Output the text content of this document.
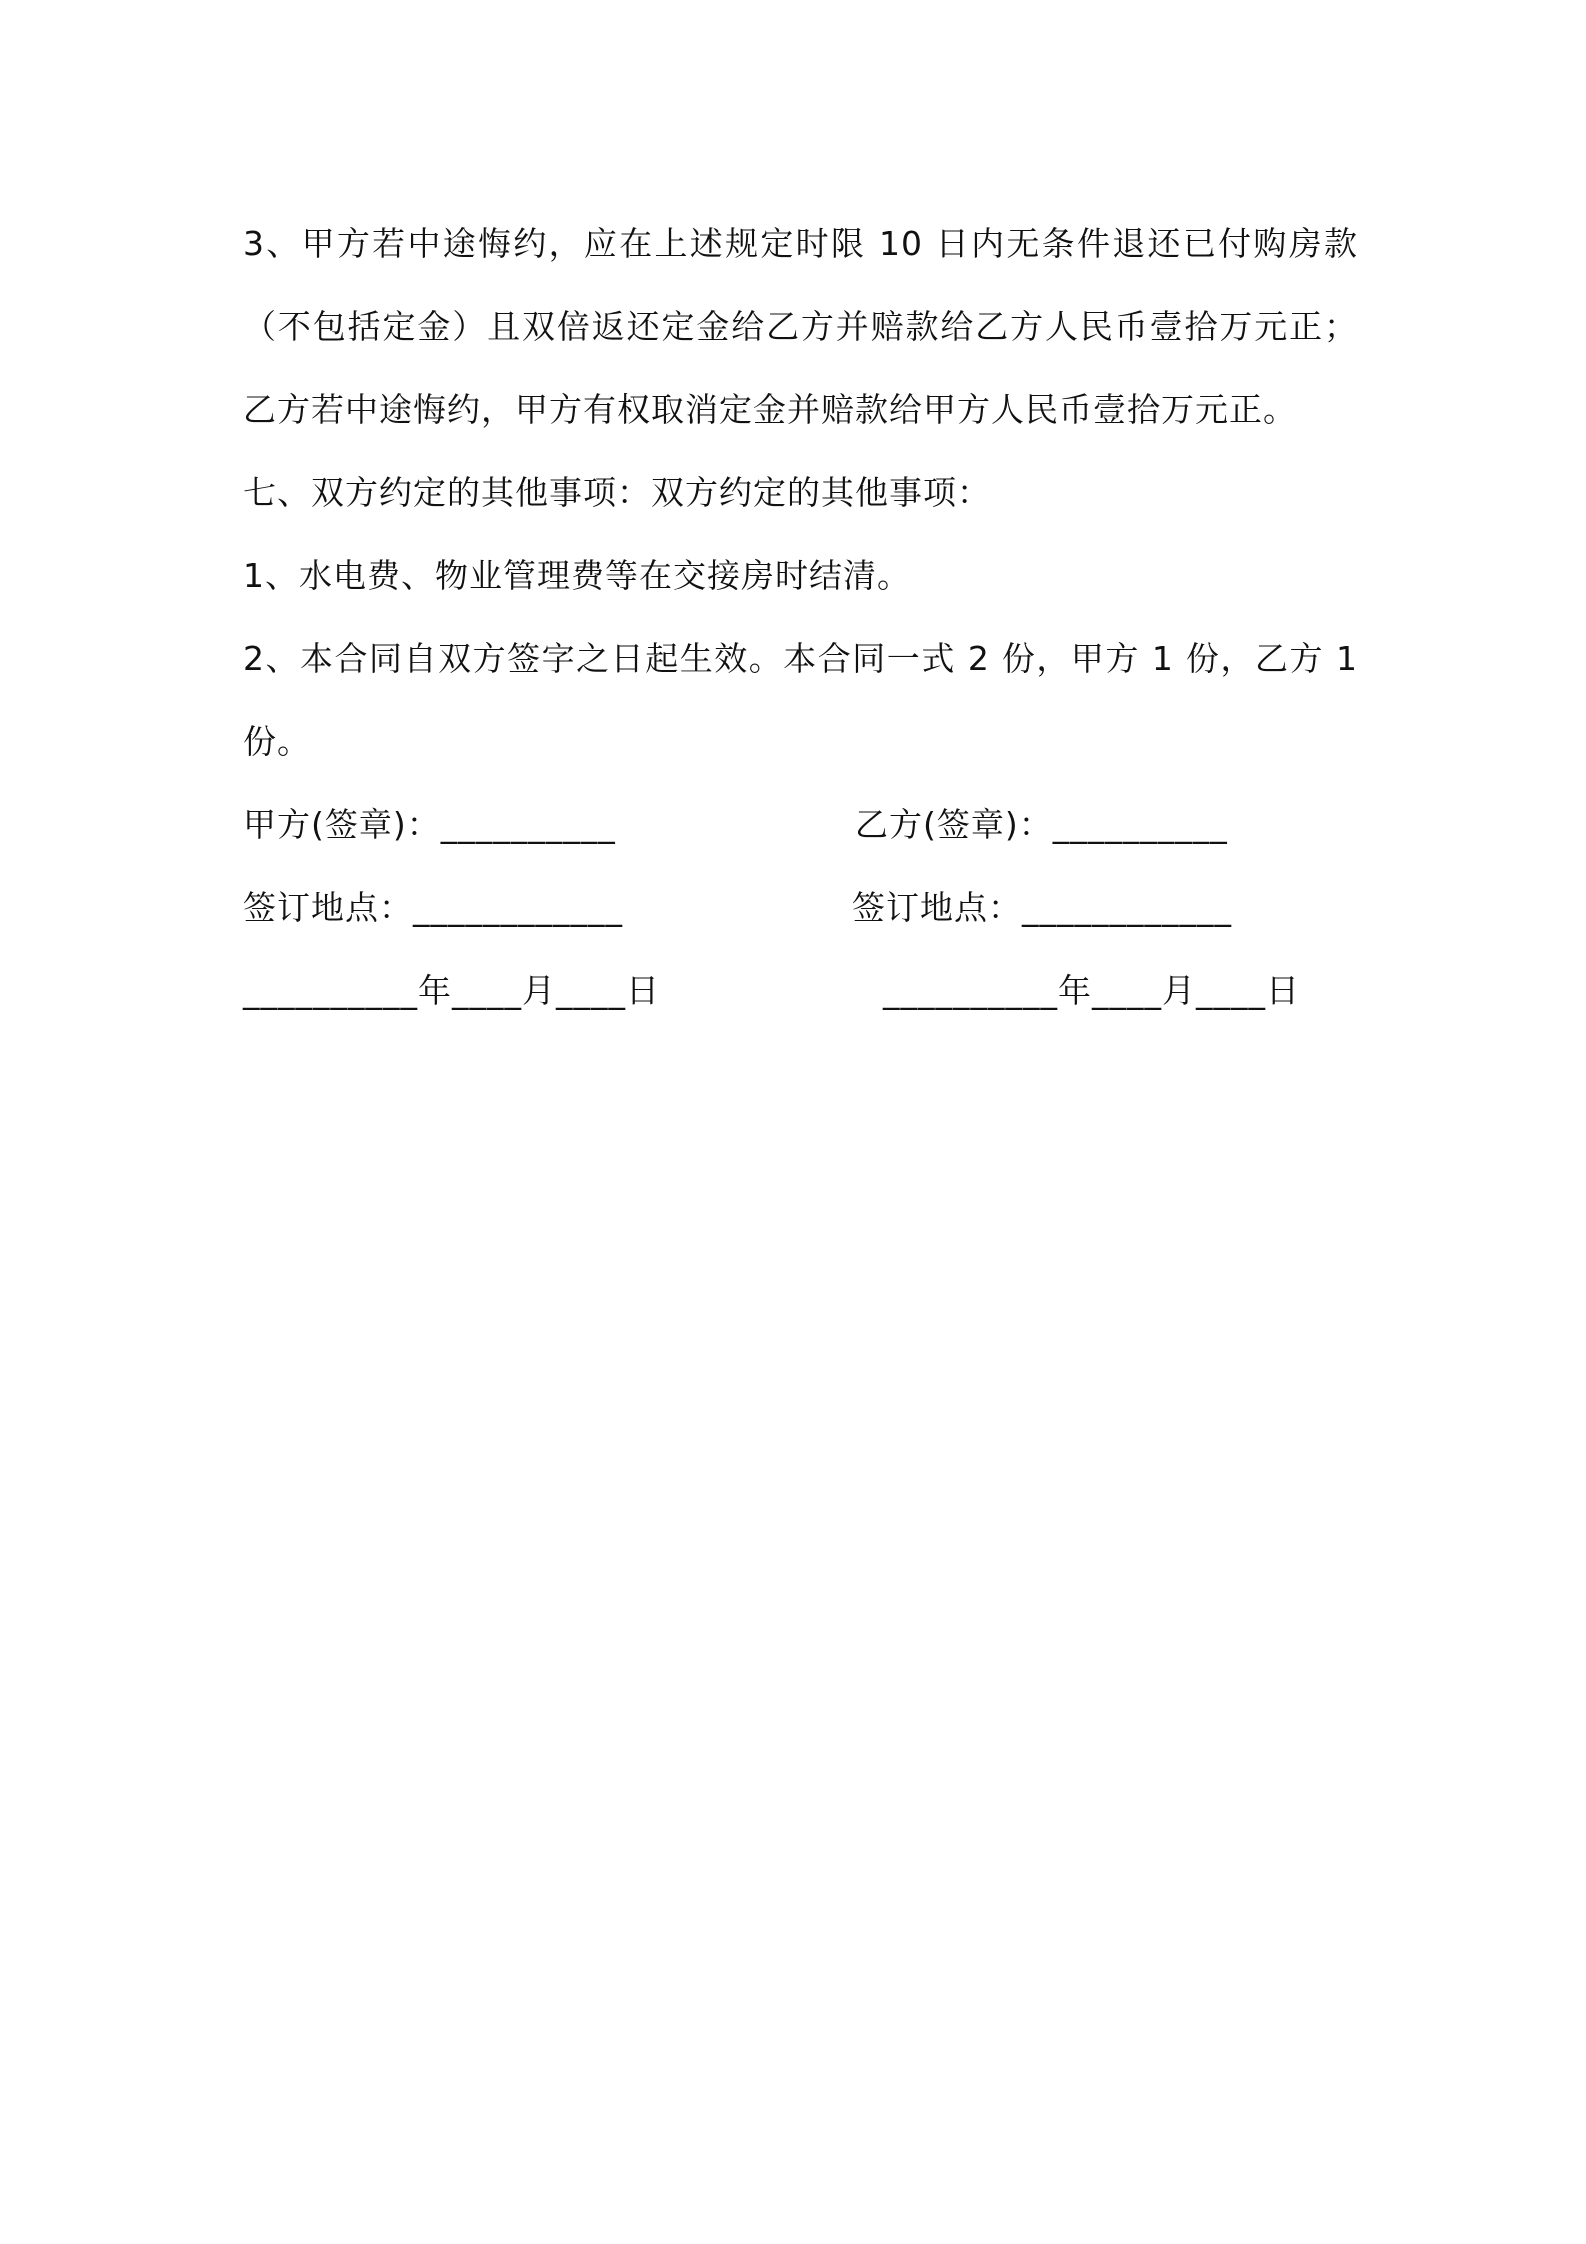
3、甲方若中途悔约，应在上述规定时限 10 日内无条件退还已付购房款（不包括定金）且双倍返还定金给乙方并赔款给乙方人民币壹拾万元正；乙方若中途悔约，甲方有权取消定金并赔款给甲方人民币壹拾万元正。

七、双方约定的其他事项：双方约定的其他事项：

1、水电费、物业管理费等在交接房时结清。

2、本合同自双方签字之日起生效。本合同一式 2 份，甲方 1 份，乙方 1 份。

甲方(签章)：__________	乙方(签章)：__________
签订地点：____________	签订地点：____________
__________年____月____日	__________年____月____日
